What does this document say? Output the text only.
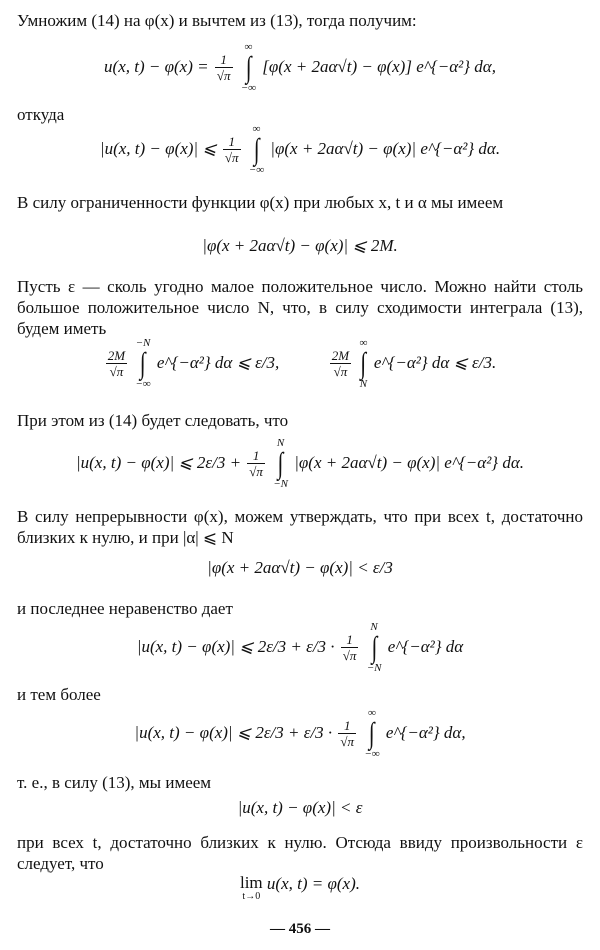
Умножим (14) на φ(x) и вычтем из (13), тогда получим:

u(x, $t) - \varphi(x) = \frac{1}{√\pi}$

∞
∫
−∞
[φ(x + 2aα√t) − φ(x)] e^{−α²} dα,

откуда

|u(x, t) − φ(x)| ⩽ $\frac{1}{√\pi}$

∞
∫
−∞
|φ(x + 2aα√t) − φ(x)| e^{−α²} dα.

В силу ограниченности функции φ(x) при любых x, t и α мы имеем

|φ(x + 2aα√t) − φ(x)| ⩽ 2M.

Пусть ε — сколь угодно малое положительное число. Можно найти столь большое положительное число N, что, в силу сходимости интеграла (13), будем иметь

$\frac{2M}{√\pi}$

−N
∫
−∞
e^{−α²} dα ⩽ ε/3,	$\frac{2M}{√\pi}$

∞
∫
N
e^{−α²} dα ⩽ ε/3.

При этом из (14) будет следовать, что

|u(x, t) − φ(x)| ⩽ $2\varepsilon/3 + \frac{1}{√\pi}$

N
∫
−N
|φ(x + 2aα√t) − φ(x)| e^{−α²} dα.

В силу непрерывности φ(x), можем утверждать, что при всех t, достаточно близких к нулю, и при |α| ⩽ N

|φ(x + 2aα√t) − φ(x)| < ε/3

и последнее неравенство дает

|u(x, t) − φ(x)| ⩽ $2\varepsilon/3 + \varepsilon/3 \cdot \frac{1}{√\pi}$

N
∫
−N
e^{−α²} dα

и тем более

|u(x, t) − φ(x)| ⩽ $2\varepsilon/3 + \varepsilon/3 \cdot \frac{1}{√\pi}$

∞
∫
−∞
e^{−α²} dα,

т. е., в силу (13), мы имеем

|u(x, t) − φ(x)| < ε

при всех t, достаточно близких к нулю. Отсюда ввиду произвольности ε следует, что

lim
t→0
u(x, t) = φ(x).
— 456 —
